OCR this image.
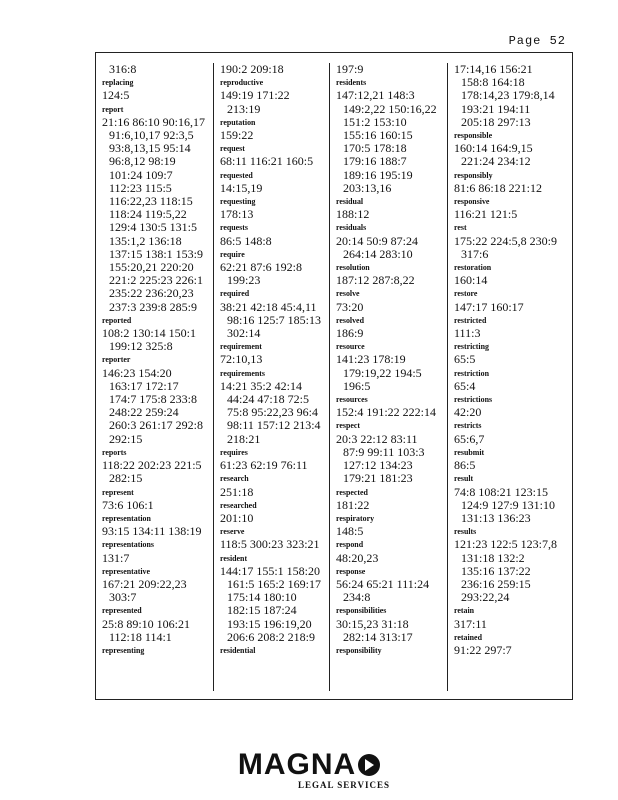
Page 52
316:8
replacing
124:5
report
21:16 86:10 90:16,17
91:6,10,17 92:3,5
93:8,13,15 95:14
96:8,12 98:19
101:24 109:7
112:23 115:5
116:22,23 118:15
118:24 119:5,22
129:4 130:5 131:5
135:1,2 136:18
137:15 138:1 153:9
155:20,21 220:20
221:2 225:23 226:1
235:22 236:20,23
237:3 239:8 285:9
reported
108:2 130:14 150:1
199:12 325:8
reporter
146:23 154:20
163:17 172:17
174:7 175:8 233:8
248:22 259:24
260:3 261:17 292:8
292:15
reports
118:22 202:23 221:5
282:15
represent
73:6 106:1
representation
93:15 134:11 138:19
representations
131:7
representative
167:21 209:22,23
303:7
represented
25:8 89:10 106:21
112:18 114:1
representing
190:2 209:18
reproductive
149:19 171:22
213:19
reputation
159:22
request
68:11 116:21 160:5
requested
14:15,19
requesting
178:13
requests
86:5 148:8
require
62:21 87:6 192:8
199:23
required
38:21 42:18 45:4,11
98:16 125:7 185:13
302:14
requirement
72:10,13
requirements
14:21 35:2 42:14
44:24 47:18 72:5
75:8 95:22,23 96:4
98:11 157:12 213:4
218:21
requires
61:23 62:19 76:11
research
251:18
researched
201:10
reserve
118:5 300:23 323:21
resident
144:17 155:1 158:20
161:5 165:2 169:17
175:14 180:10
182:15 187:24
193:15 196:19,20
206:6 208:2 218:9
residential
197:9
residents
147:12,21 148:3
149:2,22 150:16,22
151:2 153:10
155:16 160:15
170:5 178:18
179:16 188:7
189:16 195:19
203:13,16
residual
188:12
residuals
20:14 50:9 87:24
264:14 283:10
resolution
187:12 287:8,22
resolve
73:20
resolved
186:9
resource
141:23 178:19
179:19,22 194:5
196:5
resources
152:4 191:22 222:14
respect
20:3 22:12 83:11
87:9 99:11 103:3
127:12 134:23
179:21 181:23
respected
181:22
respiratory
148:5
respond
48:20,23
response
56:24 65:21 111:24
234:8
responsibilities
30:15,23 31:18
282:14 313:17
responsibility
17:14,16 156:21
158:8 164:18
178:14,23 179:8,14
193:21 194:11
205:18 297:13
responsible
160:14 164:9,15
221:24 234:12
responsibly
81:6 86:18 221:12
responsive
116:21 121:5
rest
175:22 224:5,8 230:9
317:6
restoration
160:14
restore
147:17 160:17
restricted
111:3
restricting
65:5
restriction
65:4
restrictions
42:20
restricts
65:6,7
resubmit
86:5
result
74:8 108:21 123:15
124:9 127:9 131:10
131:13 136:23
results
121:23 122:5 123:7,8
131:18 132:2
135:16 137:22
236:16 259:15
293:22,24
retain
317:11
retained
91:22 297:7
MAGNA
LEGAL SERVICES
